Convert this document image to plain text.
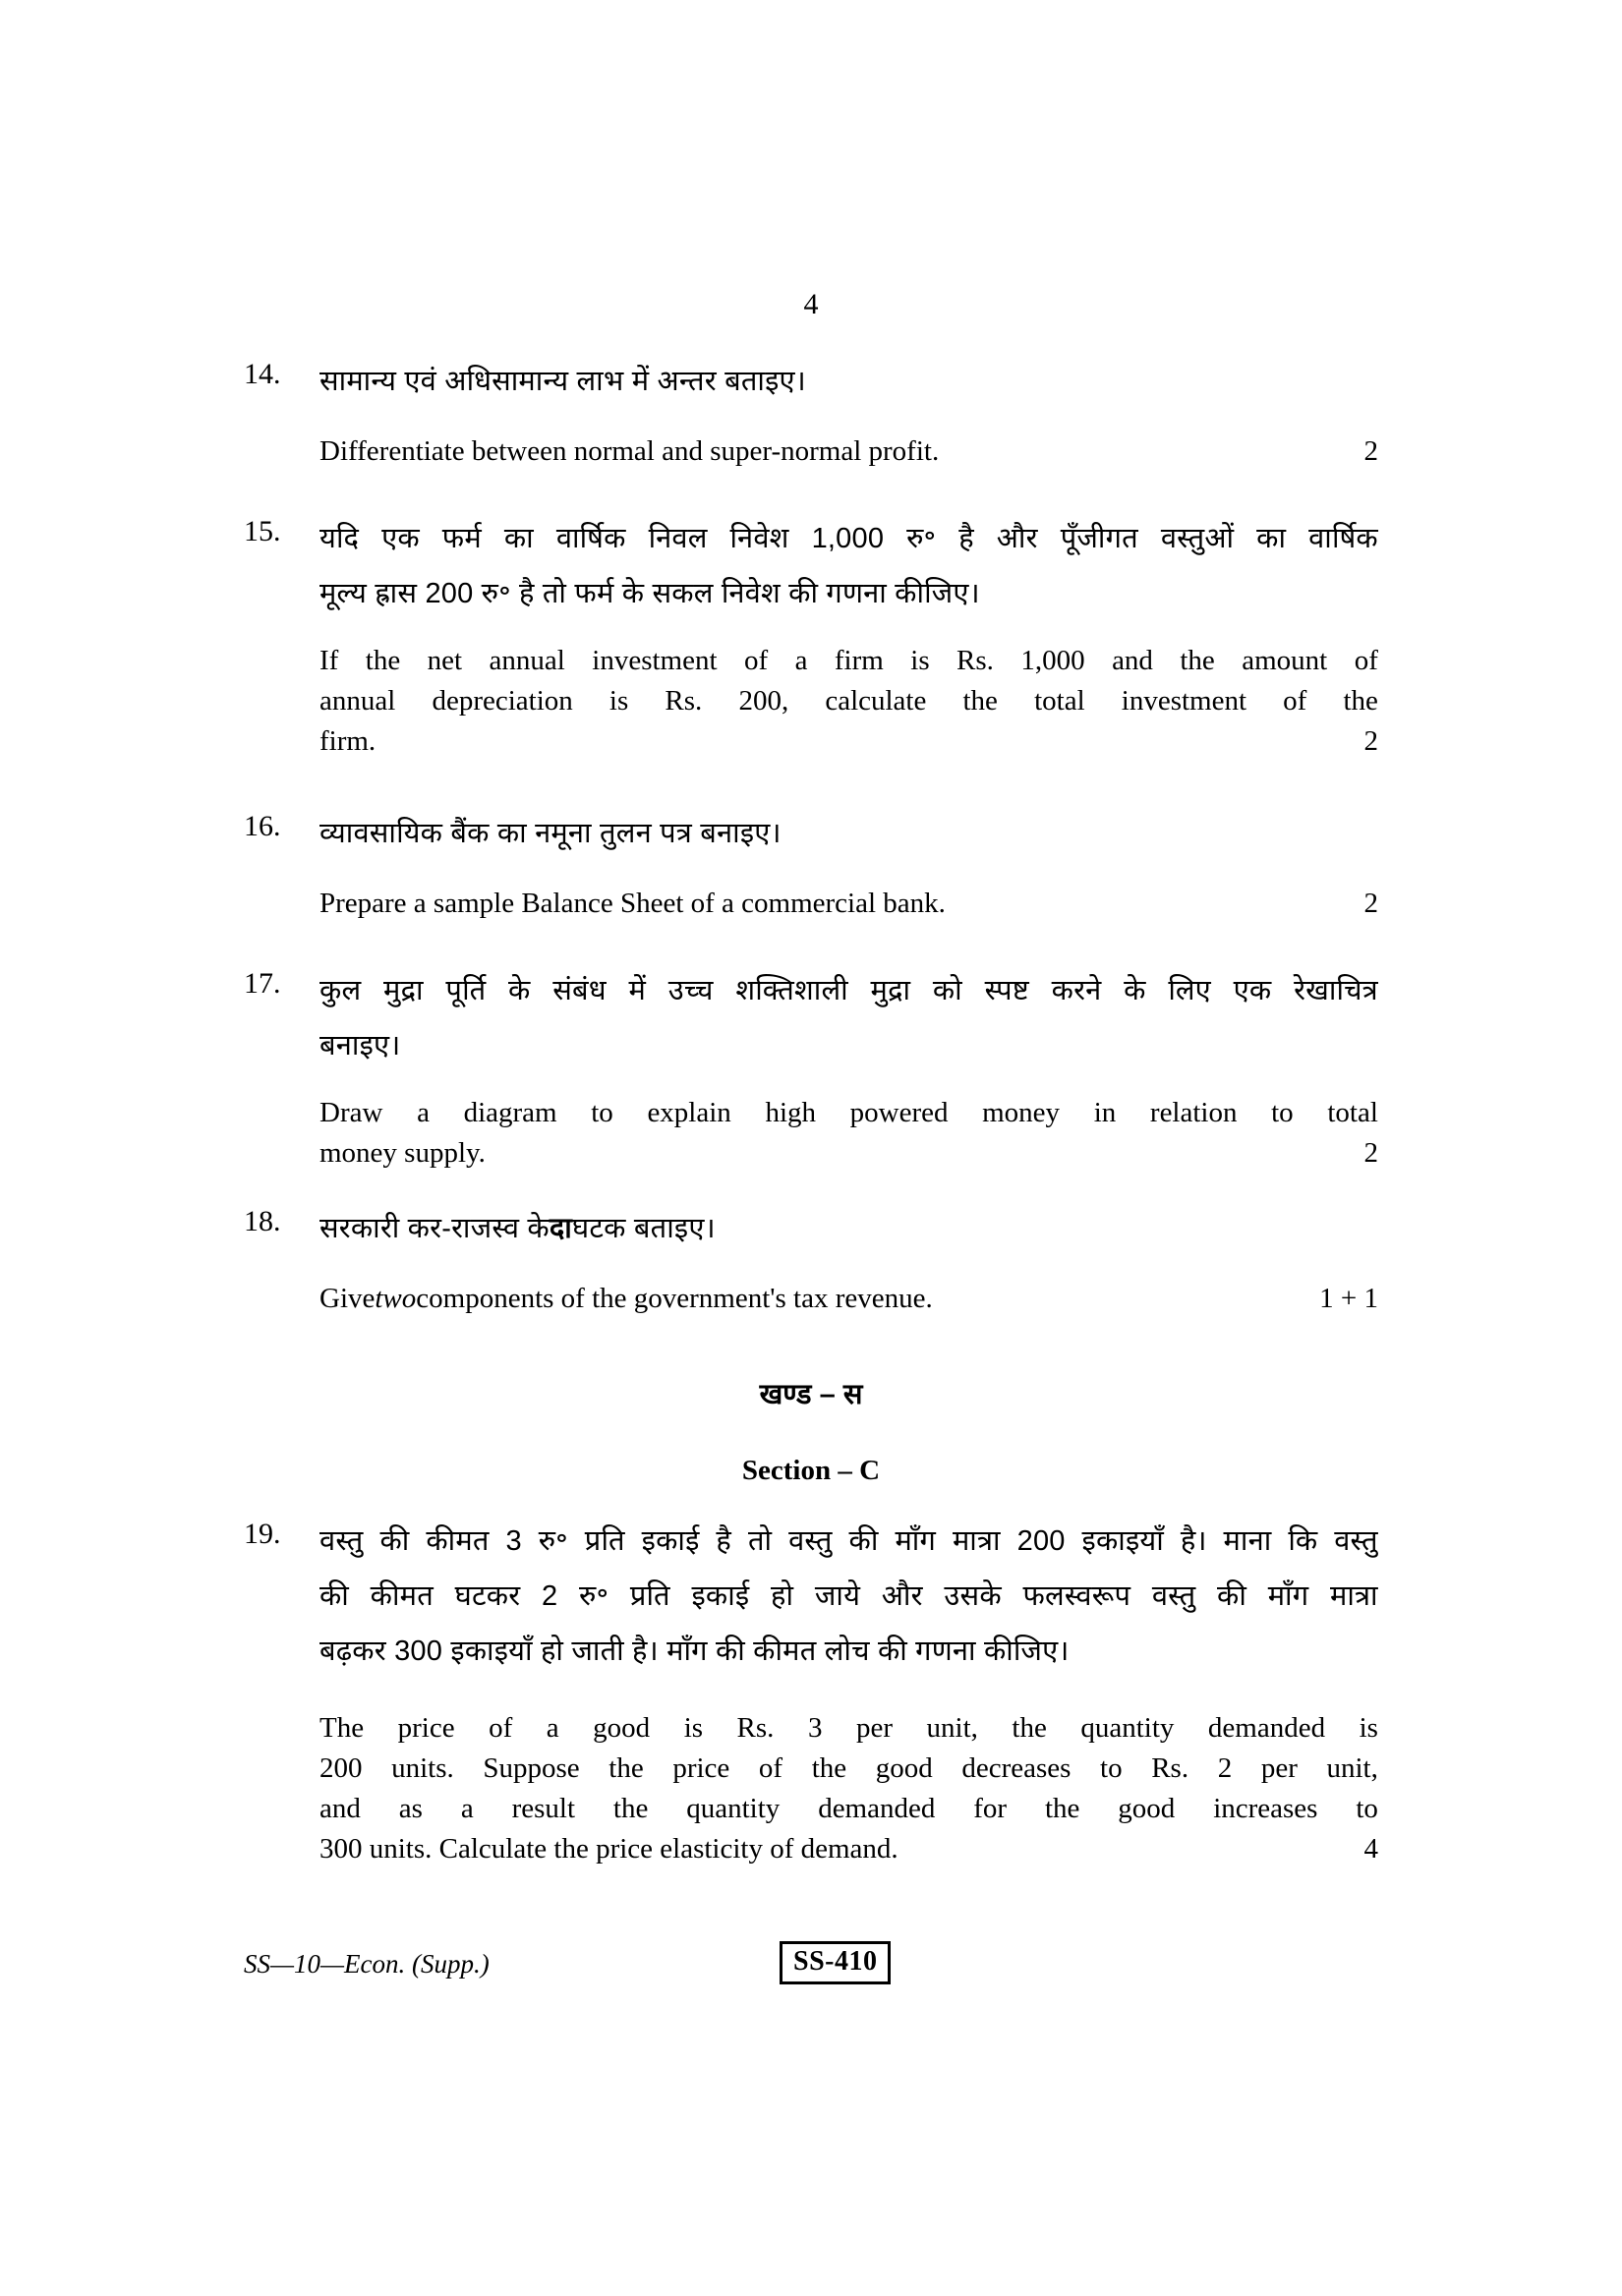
4
14.	सामान्य एवं अधिसामान्य लाभ में अन्तर बताइए।
Differentiate between normal and super-normal profit.	2
15.	यदि एक फर्म का वार्षिक निवल निवेश 1,000 रु॰ है और पूँजीगत वस्तुओं का वार्षिक
मूल्य ह्रास 200 रु॰ है तो फर्म के सकल निवेश की गणना कीजिए।
If the net annual investment of a firm is Rs. 1,000 and the amount of
annual depreciation is Rs. 200, calculate the total investment of the
firm.	2
16.	व्यावसायिक बैंक का नमूना तुलन पत्र बनाइए।
Prepare a sample Balance Sheet of a commercial bank.	2
17.	कुल मुद्रा पूर्ति के संबंध में उच्च शक्तिशाली मुद्रा को स्पष्ट करने के लिए एक रेखाचित्र
बनाइए।
Draw a diagram to explain high powered money in relation to total
money supply.	2
18.	सरकारी कर-राजस्व के दा घटक बताइए।
Give two components of the government's tax revenue.	1 + 1
खण्ड – स
Section – C
19.	वस्तु की कीमत 3 रु॰ प्रति इकाई है तो वस्तु की माँग मात्रा 200 इकाइयाँ है। माना कि वस्तु
की कीमत घटकर 2 रु॰ प्रति इकाई हो जाये और उसके फलस्वरूप वस्तु की माँग मात्रा
बढ़कर 300 इकाइयाँ हो जाती है। माँग की कीमत लोच की गणना कीजिए।
The price of a good is Rs. 3 per unit, the quantity demanded is
200 units. Suppose the price of the good decreases to Rs. 2 per unit,
and as a result the quantity demanded for the good increases to
300 units. Calculate the price elasticity of demand.	4
SS—10—Econ. (Supp.)	SS-410
